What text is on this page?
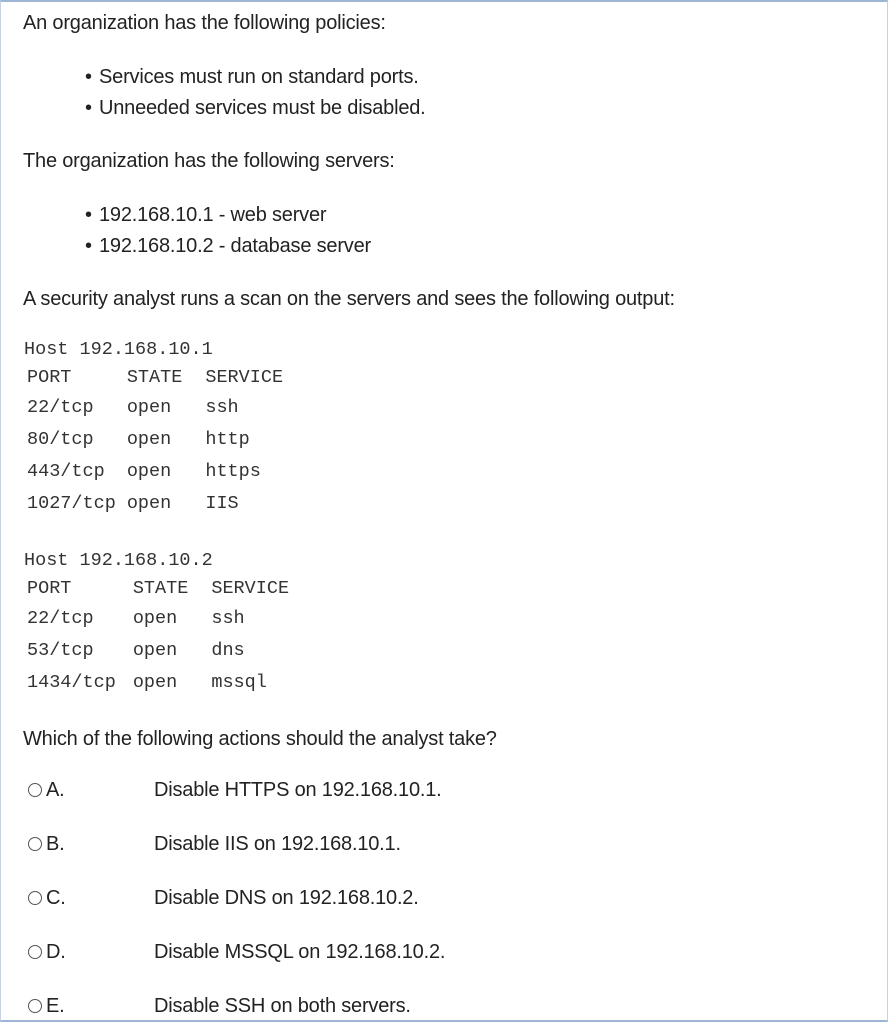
An organization has the following policies:
• Services must run on standard ports.
• Unneeded services must be disabled.
The organization has the following servers:
• 192.168.10.1 - web server
• 192.168.10.2 - database server
A security analyst runs a scan on the servers and sees the following output:
Host 192.168.10.1
PORT	STATE	SERVICE
22/tcp	open	ssh
80/tcp	open	http
443/tcp	open	https
1027/tcp	open	IIS
Host 192.168.10.2
PORT	STATE	SERVICE
22/tcp	open	ssh
53/tcp	open	dns
1434/tcp	open	mssql
Which of the following actions should the analyst take?
A.	Disable HTTPS on 192.168.10.1.
B.	Disable IIS on 192.168.10.1.
C.	Disable DNS on 192.168.10.2.
D.	Disable MSSQL on 192.168.10.2.
E.	Disable SSH on both servers.
